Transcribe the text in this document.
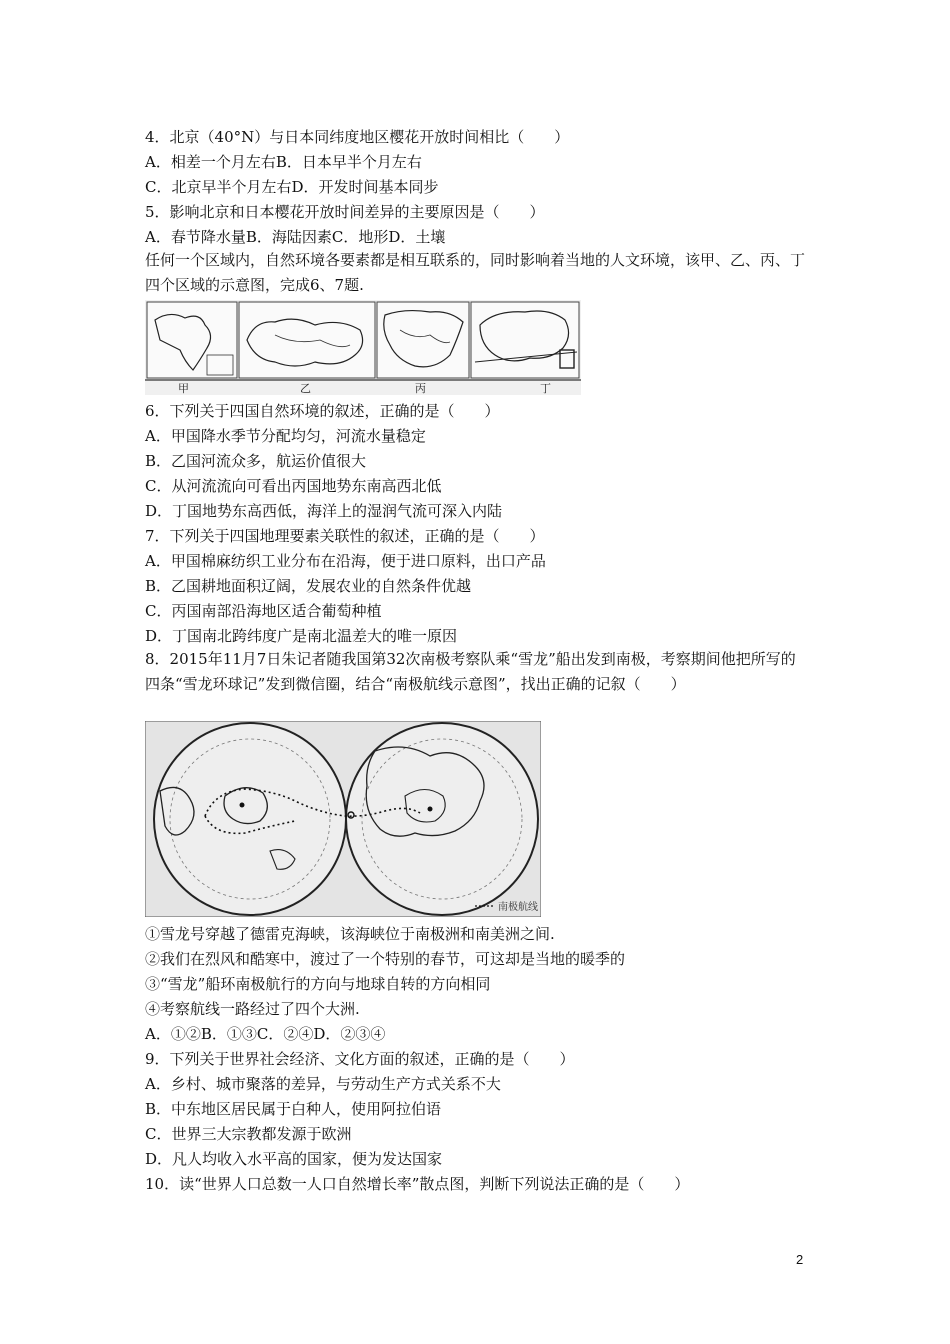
4．北京（40°N）与日本同纬度地区樱花开放时间相比（　　）
A．相差一个月左右B．日本早半个月左右
C．北京早半个月左右D．开发时间基本同步
5．影响北京和日本樱花开放时间差异的主要原因是（　　）
A．春节降水量B．海陆因素C．地形D．土壤
任何一个区域内，自然环境各要素都是相互联系的，同时影响着当地的人文环境，该甲、乙、丙、丁四个区域的示意图，完成6、7题.
甲	乙	丙	丁
6．下列关于四国自然环境的叙述，正确的是（　　）
A．甲国降水季节分配均匀，河流水量稳定
B．乙国河流众多，航运价值很大
C．从河流流向可看出丙国地势东南高西北低
D．丁国地势东高西低，海洋上的湿润气流可深入内陆
7．下列关于四国地理要素关联性的叙述，正确的是（　　）
A．甲国棉麻纺织工业分布在沿海，便于进口原料，出口产品
B．乙国耕地面积辽阔，发展农业的自然条件优越
C．丙国南部沿海地区适合葡萄种植
D．丁国南北跨纬度广是南北温差大的唯一原因
8．2015年11月7日朱记者随我国第32次南极考察队乘“雪龙”船出发到南极，考察期间他把所写的四条“雪龙环球记”发到微信圈，结合“南极航线示意图”，找出正确的记叙（　　）
南极航线
①雪龙号穿越了德雷克海峡，该海峡位于南极洲和南美洲之间.
②我们在烈风和酷寒中，渡过了一个特别的春节，可这却是当地的暖季的
③“雪龙”船环南极航行的方向与地球自转的方向相同
④考察航线一路经过了四个大洲.
A．①②B．①③C．②④D．②③④
9．下列关于世界社会经济、文化方面的叙述，正确的是（　　）
A．乡村、城市聚落的差异，与劳动生产方式关系不大
B．中东地区居民属于白种人，使用阿拉伯语
C．世界三大宗教都发源于欧洲
D．凡人均收入水平高的国家，便为发达国家
10．读“世界人口总数一人口自然增长率”散点图，判断下列说法正确的是（　　）
2
